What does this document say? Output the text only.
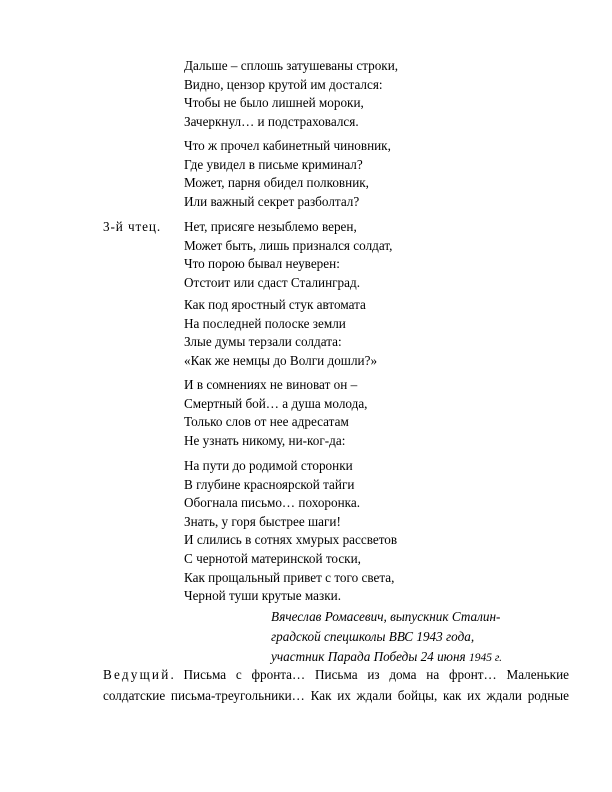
Дальше – сплошь затушеваны строки,
Видно, цензор крутой им достался:
Чтобы не было лишней мороки,
Зачеркнул… и подстраховался.
Что ж прочел кабинетный чиновник,
Где увидел в письме криминал?
Может, парня обидел полковник,
Или важный секрет разболтал?
3-й чтец. Нет, присяге незыблемо верен,
Может быть, лишь признался солдат,
Что порою бывал неуверен:
Отстоит или сдаст Сталинград.
Как под яростный стук автомата
На последней полоске земли
Злые думы терзали солдата:
«Как же немцы до Волги дошли?»
И в сомнениях не виноват он –
Смертный бой… а душа молода,
Только слов от нее адресатам
Не узнать никому, ни-ког-да:
На пути до родимой сторонки
В глубине красноярской тайги
Обогнала письмо… похоронка.
Знать, у горя быстрее шаги!
И слились в сотнях хмурых рассветов
С чернотой материнской тоски,
Как прощальный привет с того света,
Черной туши крутые мазки.
Вячеслав Ромасевич, выпускник Сталин-
градской спецшколы ВВС 1943 года,
участник Парада Победы 24 июня 1945 г.
Ведущий. Письма с фронта… Письма из дома на фронт… Маленькие
солдатские письма-треугольники… Как их ждали бойцы, как их ждали родные
